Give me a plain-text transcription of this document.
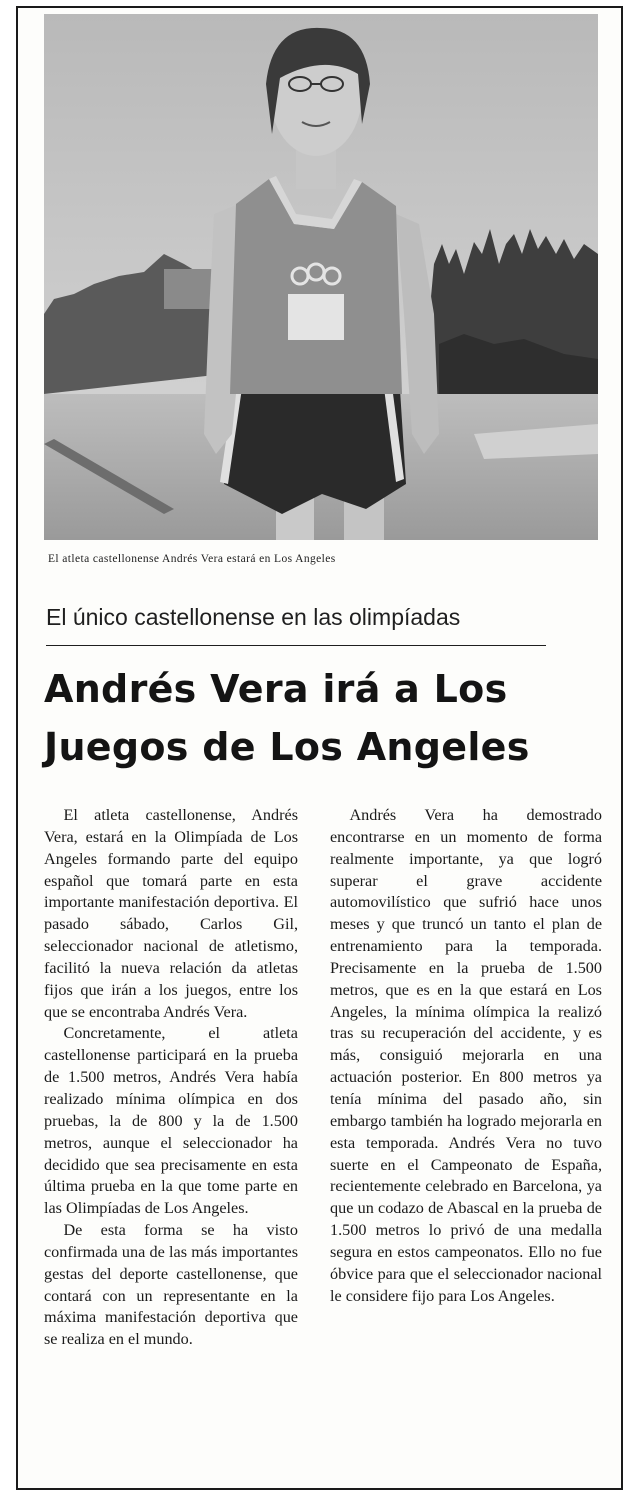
El atleta castellonense Andrés Vera estará en Los Angeles
El único castellonense en las olimpíadas
Andrés Vera irá a Los
Juegos de Los Angeles

El atleta castellonense, Andrés Vera, estará en la Olimpíada de Los Angeles formando parte del equipo español que tomará parte en esta importante manifestación deportiva. El pasado sábado, Carlos Gil, seleccionador nacional de atletismo, facilitó la nueva relación da atletas fijos que irán a los juegos, entre los que se encontraba Andrés Vera.

Concretamente, el atleta castellonense participará en la prueba de 1.500 metros, Andrés Vera había realizado mínima olímpica en dos pruebas, la de 800 y la de 1.500 metros, aunque el seleccionador ha decidido que sea precisamente en esta última prueba en la que tome parte en las Olimpíadas de Los Angeles.

De esta forma se ha visto confirmada una de las más importantes gestas del deporte castellonense, que contará con un representante en la máxima manifestación deportiva que se realiza en el mundo.

Andrés Vera ha demostrado encontrarse en un momento de forma realmente importante, ya que logró superar el grave accidente automovilístico que sufrió hace unos meses y que truncó un tanto el plan de entrenamiento para la temporada. Precisamente en la prueba de 1.500 metros, que es en la que estará en Los Angeles, la mínima olímpica la realizó tras su recuperación del accidente, y es más, consiguió mejorarla en una actuación posterior. En 800 metros ya tenía mínima del pasado año, sin embargo también ha logrado mejorarla en esta temporada. Andrés Vera no tuvo suerte en el Campeonato de España, recientemente celebrado en Barcelona, ya que un codazo de Abascal en la prueba de 1.500 metros lo privó de una medalla segura en estos campeonatos. Ello no fue óbvice para que el seleccionador nacional le considere fijo para Los Angeles.
